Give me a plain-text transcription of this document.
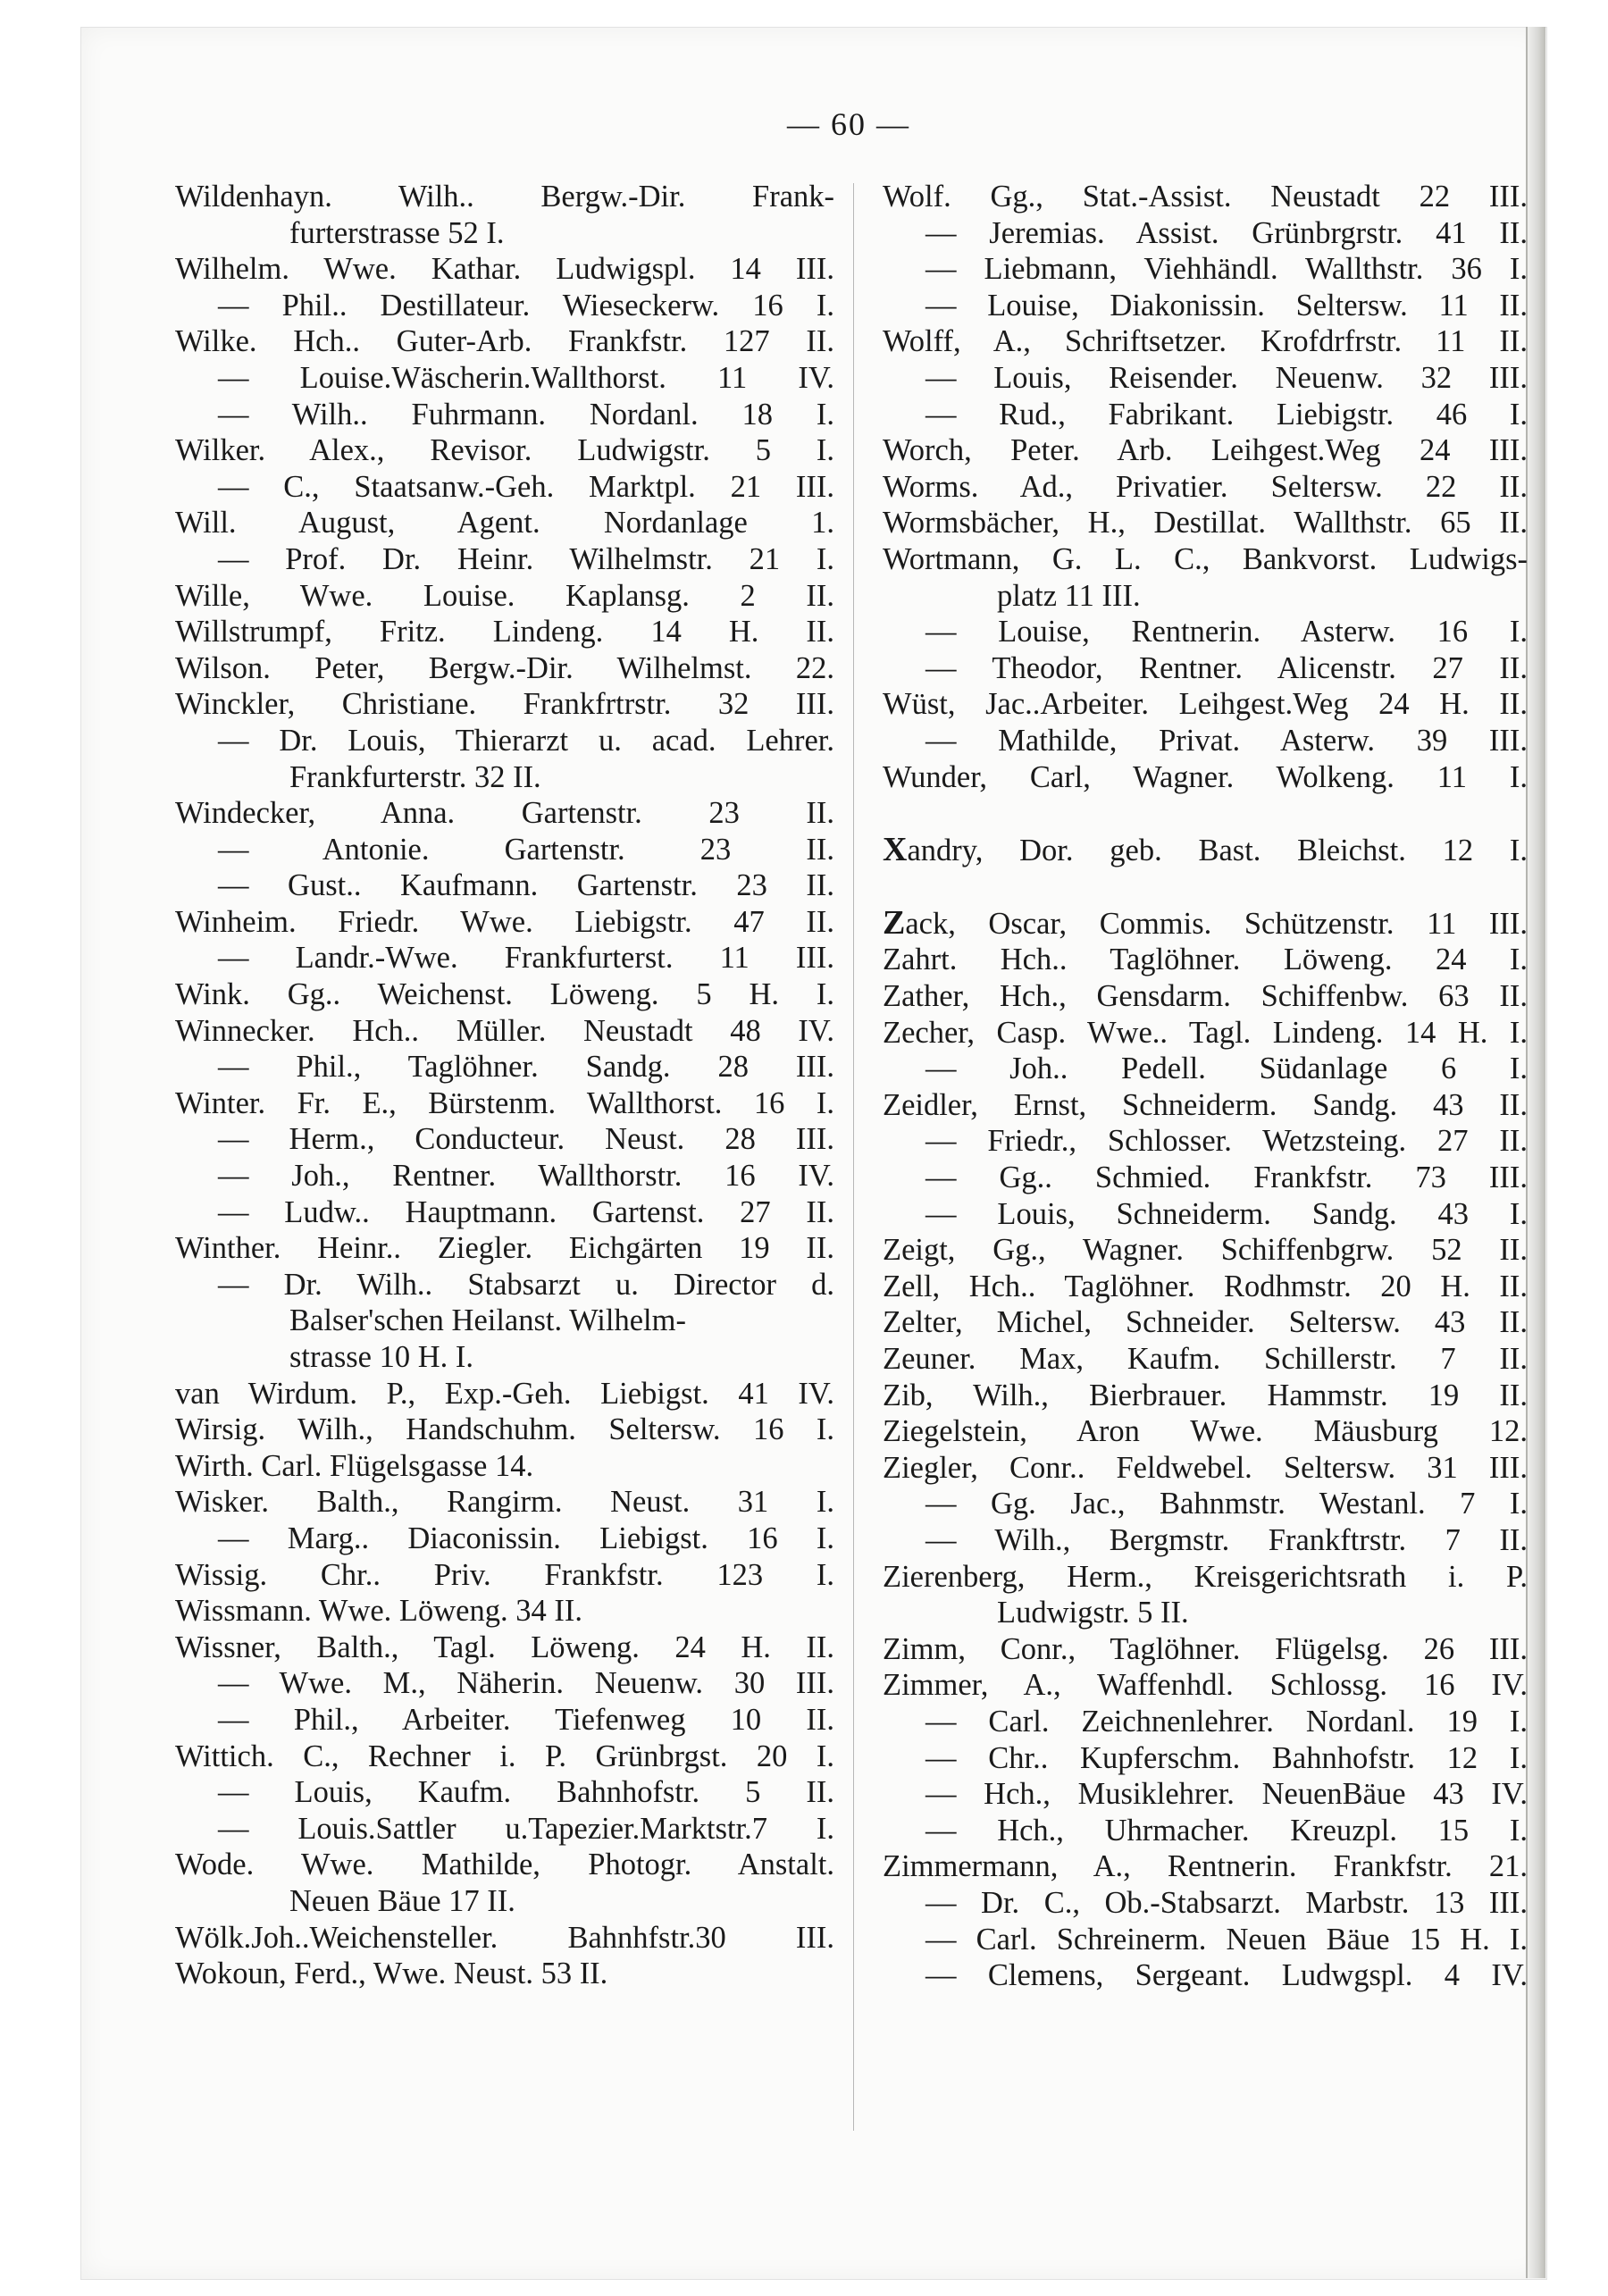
— 60 —
Wildenhayn. Wilh.. Bergw.-Dir. Frank-
furterstrasse 52 I.
Wilhelm. Wwe. Kathar. Ludwigspl. 14 III.
— Phil.. Destillateur. Wieseckerw. 16 I.
Wilke. Hch.. Guter-Arb. Frankfstr. 127 II.
— Louise.Wäscherin.Wallthorst. 11 IV.
— Wilh.. Fuhrmann. Nordanl. 18 I.
Wilker. Alex., Revisor. Ludwigstr. 5 I.
— C., Staatsanw.-Geh. Marktpl. 21 III.
Will. August, Agent. Nordanlage 1.
— Prof. Dr. Heinr. Wilhelmstr. 21 I.
Wille, Wwe. Louise. Kaplansg. 2 II.
Willstrumpf, Fritz. Lindeng. 14 H. II.
Wilson. Peter, Bergw.-Dir. Wilhelmst. 22.
Winckler, Christiane. Frankfrtrstr. 32 III.
— Dr. Louis, Thierarzt u. acad. Lehrer.
Frankfurterstr. 32 II.
Windecker, Anna. Gartenstr. 23 II.
— Antonie. Gartenstr. 23 II.
— Gust.. Kaufmann. Gartenstr. 23 II.
Winheim. Friedr. Wwe. Liebigstr. 47 II.
— Landr.-Wwe. Frankfurterst. 11 III.
Wink. Gg.. Weichenst. Löweng. 5 H. I.
Winnecker. Hch.. Müller. Neustadt 48 IV.
— Phil., Taglöhner. Sandg. 28 III.
Winter. Fr. E., Bürstenm. Wallthorst. 16 I.
— Herm., Conducteur. Neust. 28 III.
— Joh., Rentner. Wallthorstr. 16 IV.
— Ludw.. Hauptmann. Gartenst. 27 II.
Winther. Heinr.. Ziegler. Eichgärten 19 II.
— Dr. Wilh.. Stabsarzt u. Director d.
Balser'schen Heilanst. Wilhelm-
strasse 10 H. I.
van Wirdum. P., Exp.-Geh. Liebigst. 41 IV.
Wirsig. Wilh., Handschuhm. Seltersw. 16 I.
Wirth. Carl. Flügelsgasse 14.
Wisker. Balth., Rangirm. Neust. 31 I.
— Marg.. Diaconissin. Liebigst. 16 I.
Wissig. Chr.. Priv. Frankfstr. 123 I.
Wissmann. Wwe. Löweng. 34 II.
Wissner, Balth., Tagl. Löweng. 24 H. II.
— Wwe. M., Näherin. Neuenw. 30 III.
— Phil., Arbeiter. Tiefenweg 10 II.
Wittich. C., Rechner i. P. Grünbrgst. 20 I.
— Louis, Kaufm. Bahnhofstr. 5 II.
— Louis.Sattler u.Tapezier.Marktstr.7 I.
Wode. Wwe. Mathilde, Photogr. Anstalt.
Neuen Bäue 17 II.
Wölk.Joh..Weichensteller. Bahnhfstr.30 III.
Wokoun, Ferd., Wwe. Neust. 53 II.
Wolf. Gg., Stat.-Assist. Neustadt 22 III.
— Jeremias. Assist. Grünbrgrstr. 41 II.
— Liebmann, Viehhändl. Wallthstr. 36 I.
— Louise, Diakonissin. Seltersw. 11 II.
Wolff, A., Schriftsetzer. Krofdrfrstr. 11 II.
— Louis, Reisender. Neuenw. 32 III.
— Rud., Fabrikant. Liebigstr. 46 I.
Worch, Peter. Arb. Leihgest.Weg 24 III.
Worms. Ad., Privatier. Seltersw. 22 II.
Wormsbächer, H., Destillat. Wallthstr. 65 II.
Wortmann, G. L. C., Bankvorst. Ludwigs-
platz 11 III.
— Louise, Rentnerin. Asterw. 16 I.
— Theodor, Rentner. Alicenstr. 27 II.
Wüst, Jac..Arbeiter. Leihgest.Weg 24 H. II.
— Mathilde, Privat. Asterw. 39 III.
Wunder, Carl, Wagner. Wolkeng. 11 I.
Xandry, Dor. geb. Bast. Bleichst. 12 I.
Zack, Oscar, Commis. Schützenstr. 11 III.
Zahrt. Hch.. Taglöhner. Löweng. 24 I.
Zather, Hch., Gensdarm. Schiffenbw. 63 II.
Zecher, Casp. Wwe.. Tagl. Lindeng. 14 H. I.
— Joh.. Pedell. Südanlage 6 I.
Zeidler, Ernst, Schneiderm. Sandg. 43 II.
— Friedr., Schlosser. Wetzsteing. 27 II.
— Gg.. Schmied. Frankfstr. 73 III.
— Louis, Schneiderm. Sandg. 43 I.
Zeigt, Gg., Wagner. Schiffenbgrw. 52 II.
Zell, Hch.. Taglöhner. Rodhmstr. 20 H. II.
Zelter, Michel, Schneider. Seltersw. 43 II.
Zeuner. Max, Kaufm. Schillerstr. 7 II.
Zib, Wilh., Bierbrauer. Hammstr. 19 II.
Ziegelstein, Aron Wwe. Mäusburg 12.
Ziegler, Conr.. Feldwebel. Seltersw. 31 III.
— Gg. Jac., Bahnmstr. Westanl. 7 I.
— Wilh., Bergmstr. Frankftrstr. 7 II.
Zierenberg, Herm., Kreisgerichtsrath i. P.
Ludwigstr. 5 II.
Zimm, Conr., Taglöhner. Flügelsg. 26 III.
Zimmer, A., Waffenhdl. Schlossg. 16 IV.
— Carl. Zeichnenlehrer. Nordanl. 19 I.
— Chr.. Kupferschm. Bahnhofstr. 12 I.
— Hch., Musiklehrer. NeuenBäue 43 IV.
— Hch., Uhrmacher. Kreuzpl. 15 I.
Zimmermann, A., Rentnerin. Frankfstr. 21.
— Dr. C., Ob.-Stabsarzt. Marbstr. 13 III.
— Carl. Schreinerm. Neuen Bäue 15 H. I.
— Clemens, Sergeant. Ludwgspl. 4 IV.
